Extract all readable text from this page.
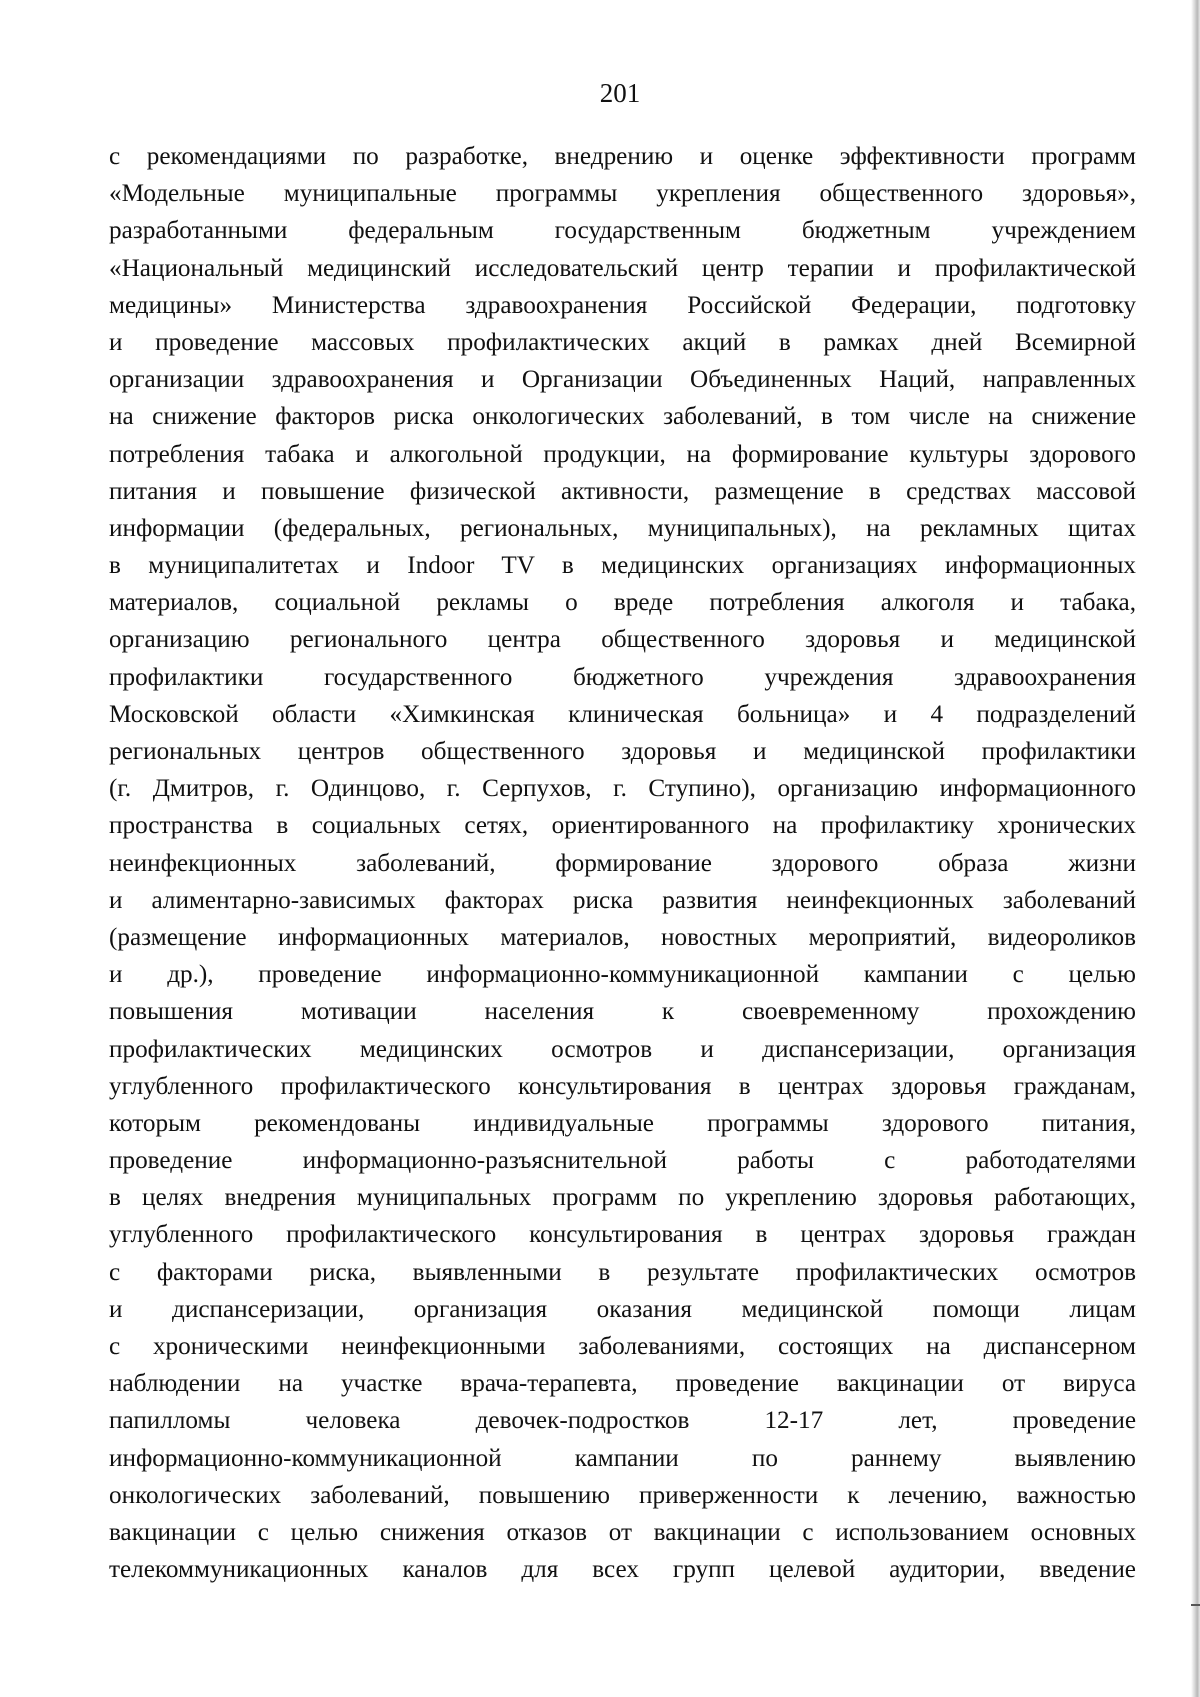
201
с рекомендациями по разработке, внедрению и оценке эффективности программ
«Модельные муниципальные программы укрепления общественного здоровья»,
разработанными федеральным государственным бюджетным учреждением
«Национальный медицинский исследовательский центр терапии и профилактической
медицины» Министерства здравоохранения Российской Федерации, подготовку
и проведение массовых профилактических акций в рамках дней Всемирной
организации здравоохранения и Организации Объединенных Наций, направленных
на снижение факторов риска онкологических заболеваний, в том числе на снижение
потребления табака и алкогольной продукции, на формирование культуры здорового
питания и повышение физической активности, размещение в средствах массовой
информации (федеральных, региональных, муниципальных), на рекламных щитах
в муниципалитетах и Indoor TV в медицинских организациях информационных
материалов, социальной рекламы о вреде потребления алкоголя и табака,
организацию регионального центра общественного здоровья и медицинской
профилактики государственного бюджетного учреждения здравоохранения
Московской области «Химкинская клиническая больница» и 4 подразделений
региональных центров общественного здоровья и медицинской профилактики
(г. Дмитров, г. Одинцово, г. Серпухов, г. Ступино), организацию информационного
пространства в социальных сетях, ориентированного на профилактику хронических
неинфекционных заболеваний, формирование здорового образа жизни
и алиментарно-зависимых факторах риска развития неинфекционных заболеваний
(размещение информационных материалов, новостных мероприятий, видеороликов
и др.), проведение информационно-коммуникационной кампании с целью
повышения мотивации населения к своевременному прохождению
профилактических медицинских осмотров и диспансеризации, организация
углубленного профилактического консультирования в центрах здоровья гражданам,
которым рекомендованы индивидуальные программы здорового питания,
проведение информационно-разъяснительной работы с работодателями
в целях внедрения муниципальных программ по укреплению здоровья работающих,
углубленного профилактического консультирования в центрах здоровья граждан
с факторами риска, выявленными в результате профилактических осмотров
и диспансеризации, организация оказания медицинской помощи лицам
с хроническими неинфекционными заболеваниями, состоящих на диспансерном
наблюдении на участке врача-терапевта, проведение вакцинации от вируса
папилломы человека девочек-подростков 12-17 лет, проведение
информационно-коммуникационной кампании по раннему выявлению
онкологических заболеваний, повышению приверженности к лечению, важностью
вакцинации с целью снижения отказов от вакцинации с использованием основных
телекоммуникационных каналов для всех групп целевой аудитории, введение
